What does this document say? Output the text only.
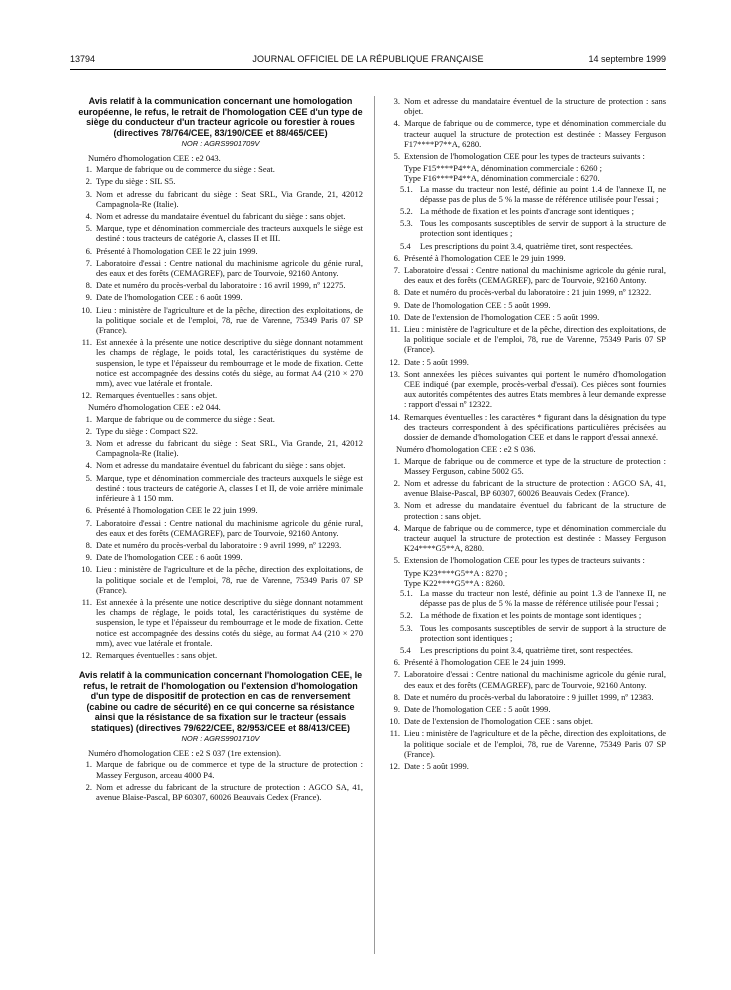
13794	JOURNAL OFFICIEL DE LA RÉPUBLIQUE FRANÇAISE	14 septembre 1999

Avis relatif à la communication concernant une homologation européenne, le refus, le retrait de l'homologation CEE d'un type de siège du conducteur d'un tracteur agricole ou forestier à roues (directives 78/764/CEE, 83/190/CEE et 88/465/CEE)

NOR : AGRS9901709V

Numéro d'homologation CEE : e2 043.

1. Marque de fabrique ou de commerce du siège : Seat.
2. Type du siège : SIL S5.
3. Nom et adresse du fabricant du siège : Seat SRL, Via Grande, 21, 42012 Campagnola-Re (Italie).
4. Nom et adresse du mandataire éventuel du fabricant du siège : sans objet.
5. Marque, type et dénomination commerciale des tracteurs auxquels le siège est destiné : tous tracteurs de catégorie A, classes II et III.
6. Présenté à l'homologation CEE le 22 juin 1999.
7. Laboratoire d'essai : Centre national du machinisme agricole du génie rural, des eaux et des forêts (CEMAGREF), parc de Tourvoie, 92160 Antony.
8. Date et numéro du procès-verbal du laboratoire : 16 avril 1999, nº 12275.
9. Date de l'homologation CEE : 6 août 1999.
10. Lieu : ministère de l'agriculture et de la pêche, direction des exploitations, de la politique sociale et de l'emploi, 78, rue de Varenne, 75349 Paris 07 SP (France).
11. Est annexée à la présente une notice descriptive du siège donnant notamment les champs de réglage, le poids total, les caractéristiques du système de suspension, le type et l'épaisseur du rembourrage et le mode de fixation. Cette notice est accompagnée des dessins cotés du siège, au format A4 (210 × 270 mm), avec vue latérale et frontale.
12. Remarques éventuelles : sans objet.

Numéro d'homologation CEE : e2 044.

1. Marque de fabrique ou de commerce du siège : Seat.
2. Type du siège : Compact S22.
3. Nom et adresse du fabricant du siège : Seat SRL, Via Grande, 21, 42012 Campagnola-Re (Italie).
4. Nom et adresse du mandataire éventuel du fabricant du siège : sans objet.
5. Marque, type et dénomination commerciale des tracteurs auxquels le siège est destiné : tous tracteurs de catégorie A, classes I et II, de voie arrière minimale inférieure à 1 150 mm.
6. Présenté à l'homologation CEE le 22 juin 1999.
7. Laboratoire d'essai : Centre national du machinisme agricole du génie rural, des eaux et des forêts (CEMAGREF), parc de Tourvoie, 92160 Antony.
8. Date et numéro du procès-verbal du laboratoire : 9 avril 1999, nº 12293.
9. Date de l'homologation CEE : 6 août 1999.
10. Lieu : ministère de l'agriculture et de la pêche, direction des exploitations, de la politique sociale et de l'emploi, 78, rue de Varenne, 75349 Paris 07 SP (France).
11. Est annexée à la présente une notice descriptive du siège donnant notamment les champs de réglage, le poids total, les caractéristiques du système de suspension, le type et l'épaisseur du rembourrage et le mode de fixation. Cette notice est accompagnée des dessins cotés du siège, au format A4 (210 × 270 mm), avec vue latérale et frontale.
12. Remarques éventuelles : sans objet.

Avis relatif à la communication concernant l'homologation CEE, le refus, le retrait de l'homologation ou l'extension d'homologation d'un type de dispositif de protection en cas de renversement (cabine ou cadre de sécurité) en ce qui concerne sa résistance ainsi que la résistance de sa fixation sur le tracteur (essais statiques) (directives 79/622/CEE, 82/953/CEE et 88/413/CEE)

NOR : AGRS9901710V

Numéro d'homologation CEE : e2 S 037 (1re extension).

1. Marque de fabrique ou de commerce et type de la structure de protection : Massey Ferguson, arceau 4000 P4.
2. Nom et adresse du fabricant de la structure de protection : AGCO SA, 41, avenue Blaise-Pascal, BP 60307, 60026 Beauvais Cedex (France).
3. Nom et adresse du mandataire éventuel de la structure de protection : sans objet.
4. Marque de fabrique ou de commerce, type et dénomination commerciale du tracteur auquel la structure de protection est destinée : Massey Ferguson F17****P7**A, 6280.
5. Extension de l'homologation CEE pour les types de tracteurs suivants :

Type F15****P4**A, dénomination commerciale : 6260 ;

Type F16****P4**A, dénomination commerciale : 6270.

5.1. La masse du tracteur non lesté, définie au point 1.4 de l'annexe II, ne dépasse pas de plus de 5 % la masse de référence utilisée pour l'essai ;
5.2. La méthode de fixation et les points d'ancrage sont identiques ;
5.3. Tous les composants susceptibles de servir de support à la structure de protection sont identiques ;
5.4	Les prescriptions du point 3.4, quatrième tiret, sont respectées.
6. Présenté à l'homologation CEE le 29 juin 1999.
7. Laboratoire d'essai : Centre national du machinisme agricole du génie rural, des eaux et des forêts (CEMAGREF), parc de Tourvoie, 92160 Antony.
8. Date et numéro du procès-verbal du laboratoire : 21 juin 1999, nº 12322.
9. Date de l'homologation CEE : 5 août 1999.
10. Date de l'extension de l'homologation CEE : 5 août 1999.
11. Lieu : ministère de l'agriculture et de la pêche, direction des exploitations, de la politique sociale et de l'emploi, 78, rue de Varenne, 75349 Paris 07 SP (France).
12. Date : 5 août 1999.
13. Sont annexées les pièces suivantes qui portent le numéro d'homologation CEE indiqué (par exemple, procès-verbal d'essai). Ces pièces sont fournies aux autorités compétentes des autres Etats membres à leur demande expresse : rapport d'essai nº 12322.
14. Remarques éventuelles : les caractères * figurant dans la désignation du type des tracteurs correspondent à des spécifications particulières précisées au dossier de demande d'homologation CEE et dans le rapport d'essai annexé.

Numéro d'homologation CEE : e2 S 036.

1. Marque de fabrique ou de commerce et type de la structure de protection : Massey Ferguson, cabine 5002 G5.
2. Nom et adresse du fabricant de la structure de protection : AGCO SA, 41, avenue Blaise-Pascal, BP 60307, 60026 Beauvais Cedex (France).
3. Nom et adresse du mandataire éventuel du fabricant de la structure de protection : sans objet.
4. Marque de fabrique ou de commerce, type et dénomination commerciale du tracteur auquel la structure de protection est destinée : Massey Ferguson K24****G5**A, 8280.
5. Extension de l'homologation CEE pour les types de tracteurs suivants :

Type K23****G5**A : 8270 ;

Type K22****G5**A : 8260.

5.1. La masse du tracteur non lesté, définie au point 1.3 de l'annexe II, ne dépasse pas de plus de 5 % la masse de référence utilisée pour l'essai ;
5.2. La méthode de fixation et les points de montage sont identiques ;
5.3. Tous les composants susceptibles de servir de support à la structure de protection sont identiques ;
5.4	Les prescriptions du point 3.4, quatrième tiret, sont respectées.
6. Présenté à l'homologation CEE le 24 juin 1999.
7. Laboratoire d'essai : Centre national du machinisme agricole du génie rural, des eaux et des forêts (CEMAGREF), parc de Tourvoie, 92160 Antony.
8. Date et numéro du procès-verbal du laboratoire : 9 juillet 1999, nº 12383.
9. Date de l'homologation CEE : 5 août 1999.
10. Date de l'extension de l'homologation CEE : sans objet.
11. Lieu : ministère de l'agriculture et de la pêche, direction des exploitations, de la politique sociale et de l'emploi, 78, rue de Varenne, 75349 Paris 07 SP (France).
12. Date : 5 août 1999.
